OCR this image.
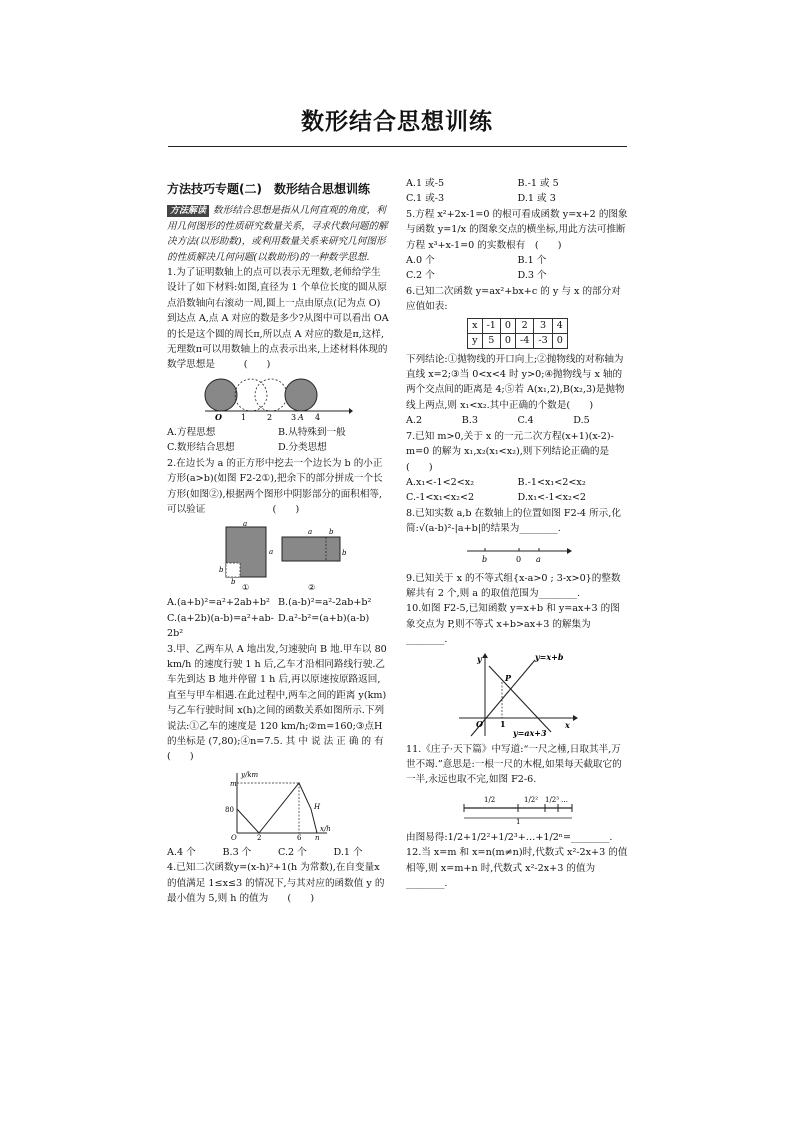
数形结合思想训练
方法技巧专题(二)　数形结合思想训练

方法解读 数形结合思想是指从几何直观的角度，利用几何图形的性质研究数量关系，寻求代数问题的解决方法(以形助数)，或利用数量关系来研究几何图形的性质解决几何问题(以数助形)的一种数学思想.

1.为了证明数轴上的点可以表示无理数,老师给学生设计了如下材料:如图,直径为 1 个单位长度的圆从原点沿数轴向右滚动一周,圆上一点由原点(记为点 O)到达点 A,点 A 对应的数是多少?从图中可以看出 OA 的长是这个圆的周长π,所以点 A 对应的数是π,这样,无理数π可以用数轴上的点表示出来,上述材料体现的数学思想是　　　(　　)

O 1	2 3 A 4
A.方程思想	B.从特殊到一般
C.数形结合思想	D.分类思想

2.在边长为 a 的正方形中挖去一个边长为 b 的小正方形(a>b)(如图 F2-2①),把余下的部分拼成一个长方形(如图②),根据两个图形中阴影部分的面积相等,可以验证　　　　　　　(　　)

a
a
b
b
①
a b
b
②
A.(a+b)²=a²+2ab+b² B.(a-b)²=a²-2ab+b²
C.(a+2b)(a-b)=a²+ab-2b²
D.a²-b²=(a+b)(a-b)

3.甲、乙两车从 A 地出发,匀速驶向 B 地.甲车以 80 km/h 的速度行驶 1 h 后,乙车才沿相同路线行驶.乙车先到达 B 地并停留 1 h 后,再以原速按原路返回,直至与甲车相遇.在此过程中,两车之间的距离 y(km)与乙车行驶时间 x(h)之间的函数关系如图所示.下列说法:①乙车的速度是 120 km/h;②m=160;③点H的坐标是 (7,80);④n=7.5. 其 中 说 法 正 确 的 有　　　(　　)

y/km
m
80
O	2	6 n
x/h
H
A.4 个	B.3 个	C.2 个	D.1 个

4.已知二次函数y=(x-h)²+1(h 为常数),在自变量x 的值满足 1≤x≤3 的情况下,与其对应的函数值 y 的最小值为 5,则 h 的值为　　(　　)

A.1 或-5	B.-1 或 5
C.1 或-3	D.1 或 3

5.方程 x²+2x-1=0 的根可看成函数 y=x+2 的图象与函数 y=1/x 的图象交点的横坐标,用此方法可推断方程 x³+x-1=0 的实数根有　(　　)

A.0 个	B.1 个
C.2 个	D.3 个

6.已知二次函数 y=ax²+bx+c 的 y 与 x 的部分对应值如表:

x	-1	0	2	3	4
y	5	0	-4	-3	0

下列结论:①抛物线的开口向上;②抛物线的对称轴为直线 x=2;③当 0<x<4 时 y>0;④抛物线与 x 轴的两个交点间的距离是 4;⑤若 A(x₁,2),B(x₂,3)是抛物线上两点,则 x₁<x₂.其中正确的个数是(　　)

A.2	B.3	C.4	D.5

7.已知 m>0,关于 x 的一元二次方程(x+1)(x-2)-m=0 的解为 x₁,x₂(x₁<x₂),则下列结论正确的是(　　)

A.x₁<-1<2<x₂	B.-1<x₁<2<x₂
C.-1<x₁<x₂<2	D.x₁<-1<x₂<2

8.已知实数 a,b 在数轴上的位置如图 F2-4 所示,化简:√(a-b)²-|a+b|的结果为________.

b	0 a

9.已知关于 x 的不等式组{x-a>0 ; 3-x>0}的整数解共有 2 个,则 a 的取值范围为________.

10.如图 F2-5,已知函数 y=x+b 和 y=ax+3 的图象交点为 P,则不等式 x+b>ax+3 的解集为________.

y	y=x+b
P
O 1	x
y=ax+3

11.《庄子·天下篇》中写道:“一尺之棰,日取其半,万世不竭.”意思是:一根一尺的木棍,如果每天截取它的一半,永远也取不完,如图 F2-6.

1/2	1/2² 1/2³ …
1

由图易得:1/2+1/2²+1/2³+…+1/2ⁿ=________.

12.当 x=m 和 x=n(m≠n)时,代数式 x²-2x+3 的值相等,则 x=m+n 时,代数式 x²-2x+3 的值为________.
